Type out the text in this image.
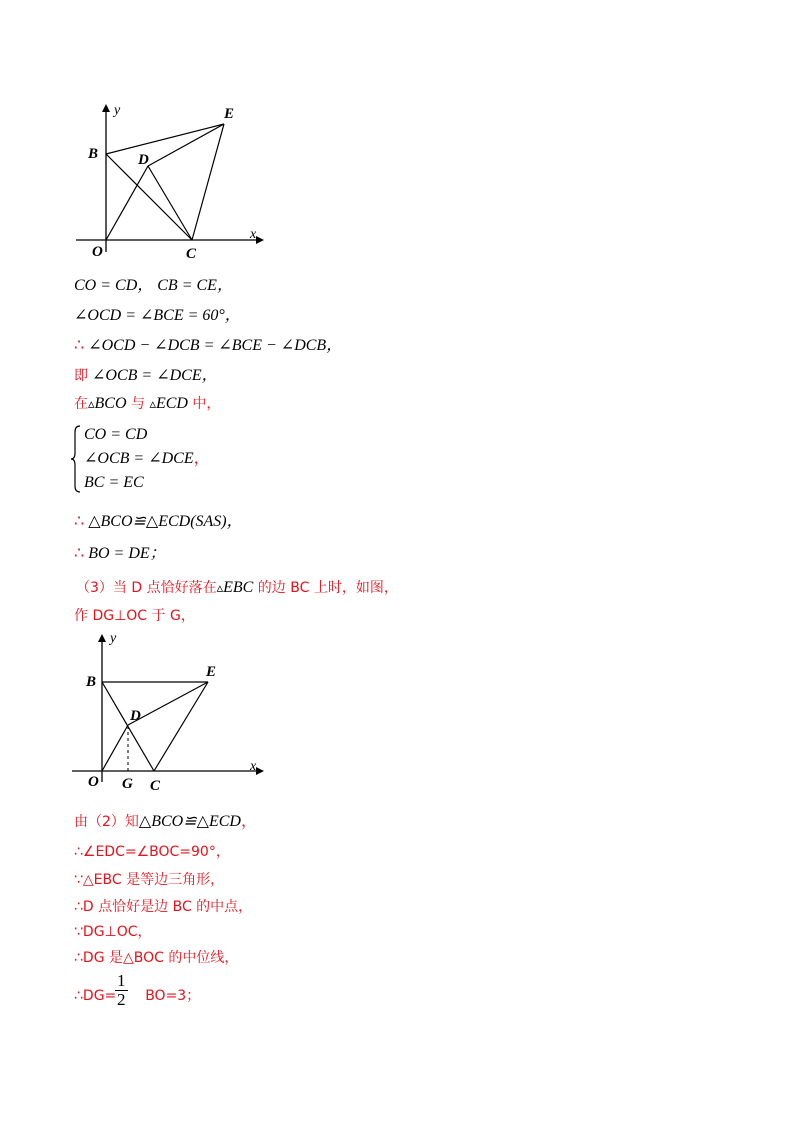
y
x
B	D
E
O	C
CO = CD， CB = CE，
∠OCD = ∠BCE = 60°，
∴ ∠OCD − ∠DCB = ∠BCE − ∠DCB，
即 ∠OCB = ∠DCE，
在▵BCO 与 ▵ECD 中，
CO = CD
∠OCB = ∠DCE，
BC = EC
∴ △BCO≌△ECD(SAS)，
∴ BO = DE；
（3）当 D 点恰好落在▵EBC 的边 BC 上时，如图，
作 DG⊥OC 于 G，
y
x
B
D
E
O G C
由（2）知△BCO≌△ECD，
∴∠EDC=∠BOC=90°，
∵△EBC 是等边三角形，
∴D 点恰好是边 BC 的中点，
∵DG⊥OC，
∴DG 是△BOC 的中位线，
∴DG= BO=3；
$\frac{1}{2}$
